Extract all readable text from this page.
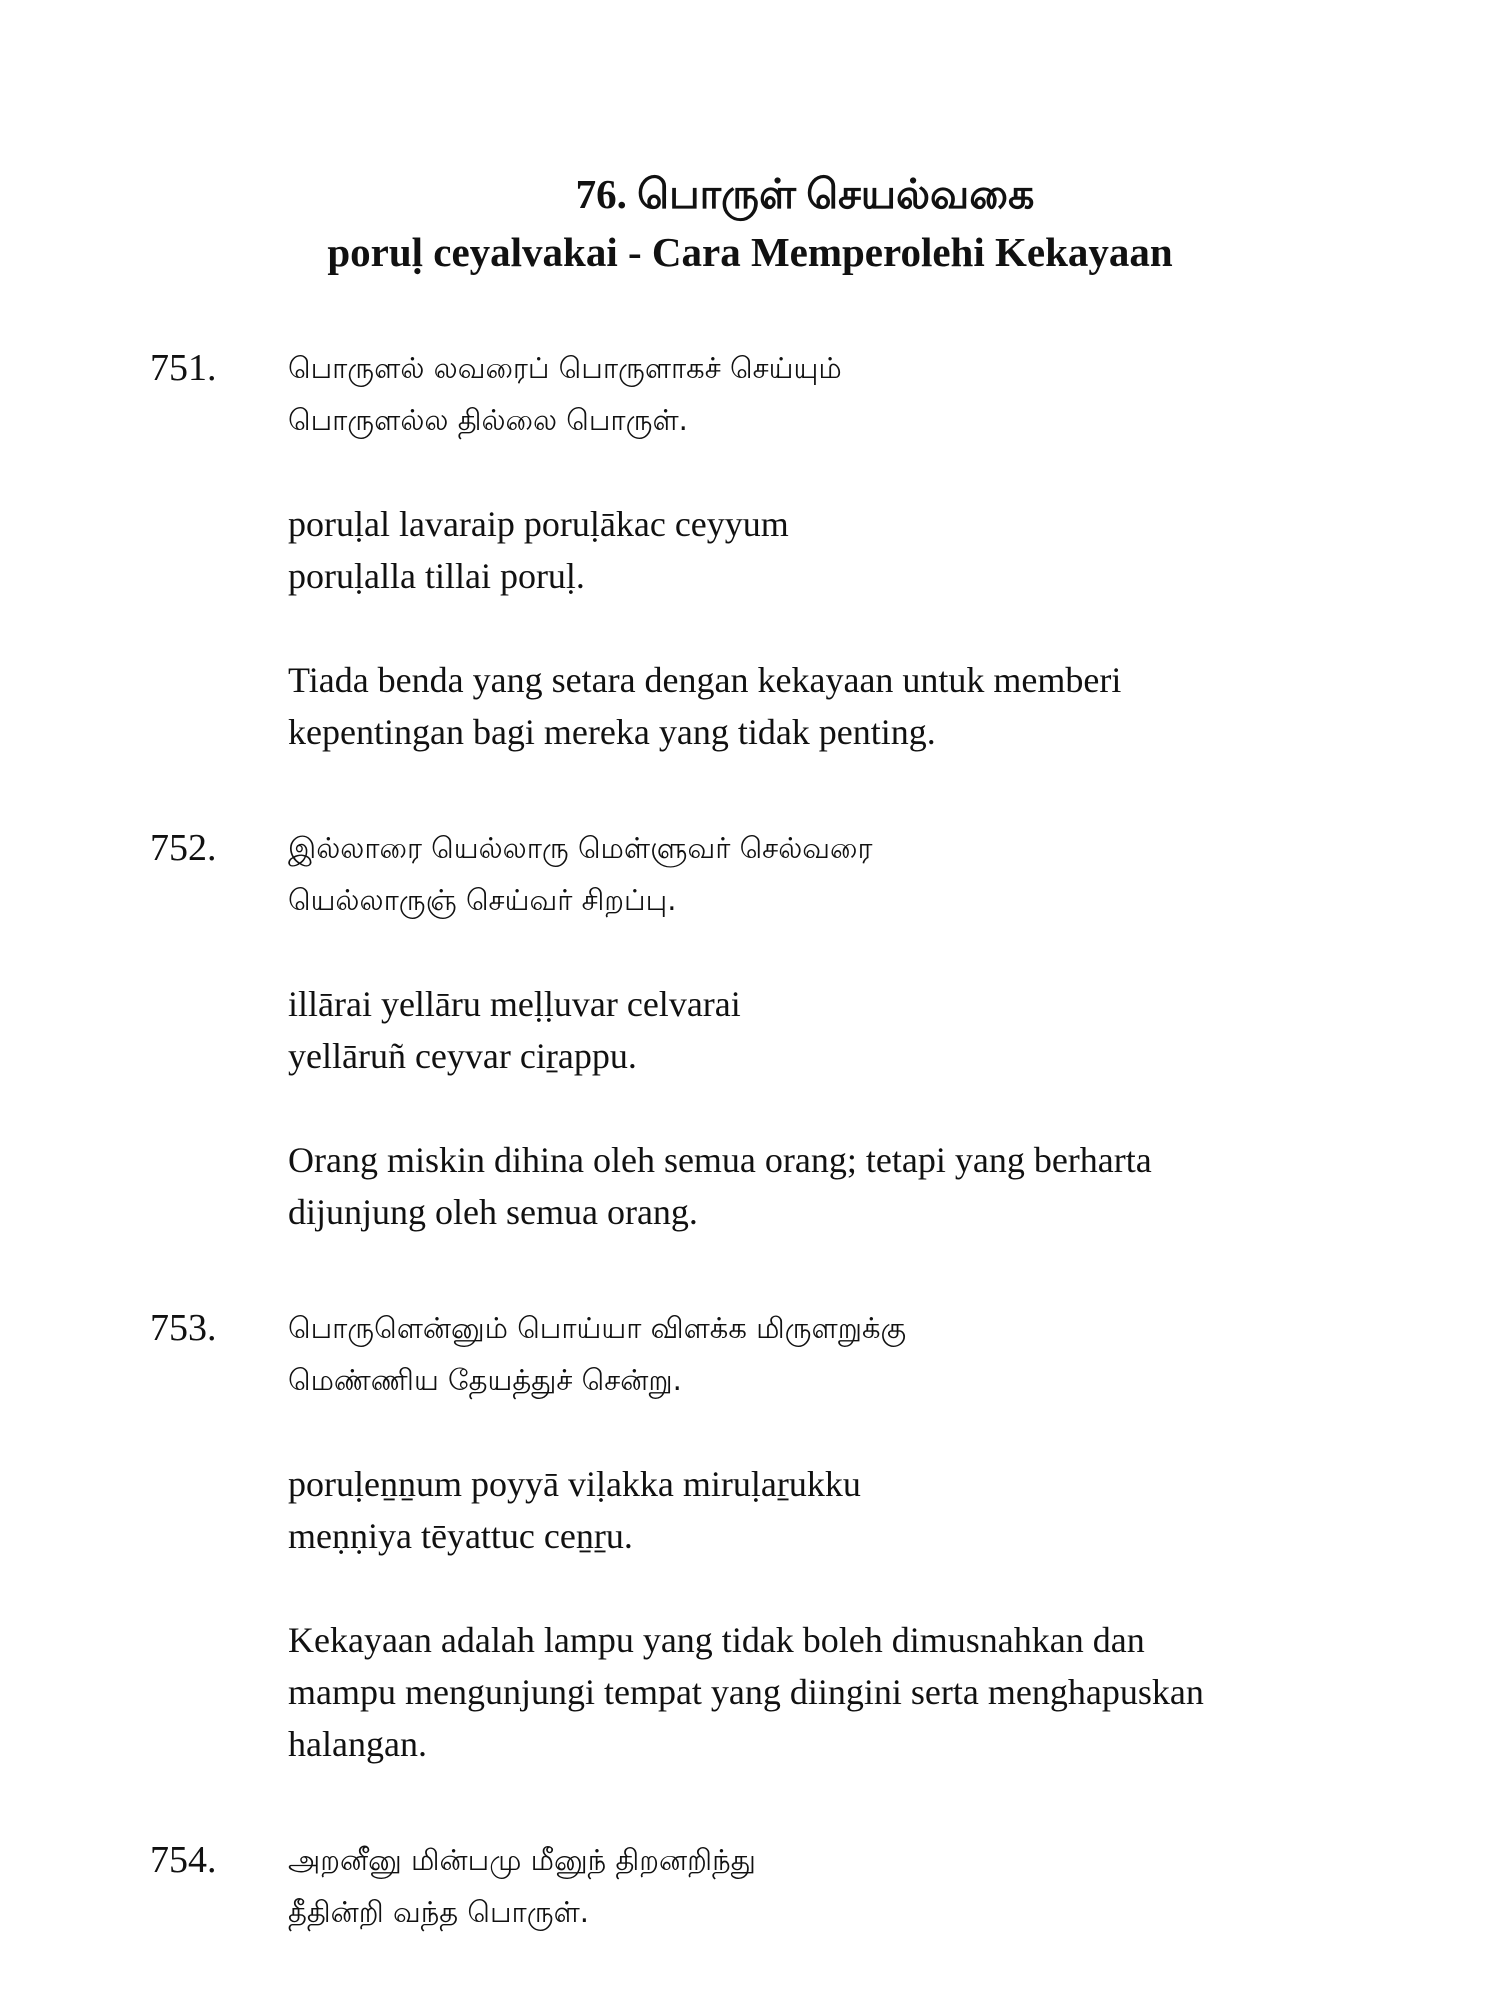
76. பொருள் செயல்வகை
poruḷ ceyalvakai - Cara Memperolehi Kekayaan
751. பொருளல் லவரைப் பொருளாகச் செய்யும்

பொருளல்ல தில்லை பொருள்.

poruḷal lavaraip poruḷākac ceyyum

poruḷalla tillai poruḷ.

Tiada benda yang setara dengan kekayaan untuk memberi

kepentingan bagi mereka yang tidak penting.

752. இல்லாரை யெல்லாரு மெள்ளுவர் செல்வரை

யெல்லாருஞ் செய்வர் சிறப்பு.

illārai yellāru meḷḷuvar celvarai

yellāruñ ceyvar ciṟappu.

Orang miskin dihina oleh semua orang; tetapi yang berharta

dijunjung oleh semua orang.

753. பொருளென்னும் பொய்யா விளக்க மிருளறுக்கு

மெண்ணிய தேயத்துச் சென்று.

poruḷeṉṉum poyyā viḷakka miruḷaṟukku

meṇṇiya tēyattuc ceṉṟu.

Kekayaan adalah lampu yang tidak boleh dimusnahkan dan

mampu mengunjungi tempat yang diingini serta menghapuskan

halangan.

754. அறனீனு மின்பமு மீனுந் திறனறிந்து

தீதின்றி வந்த பொருள்.
